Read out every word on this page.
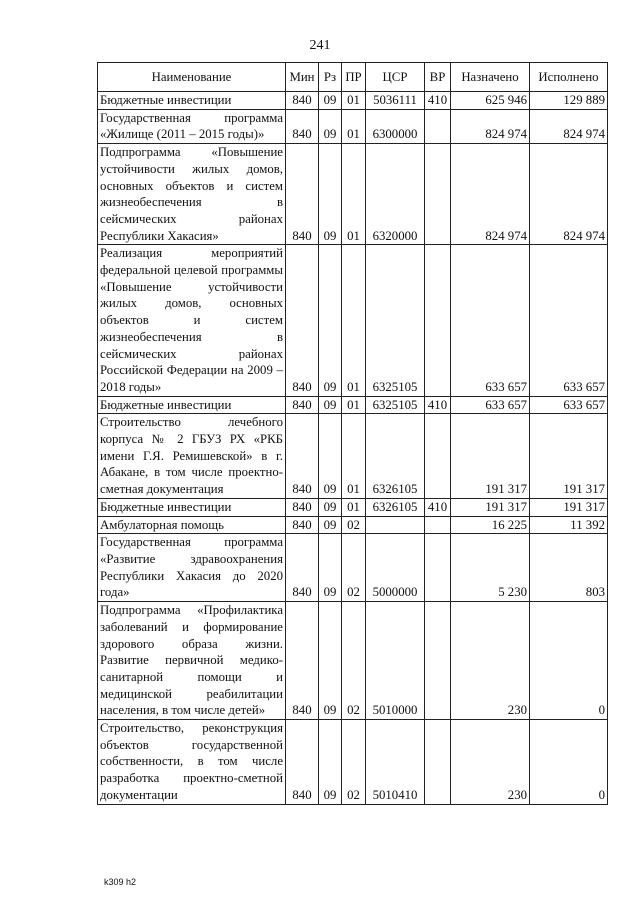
241
Наименование	Мин	Рз	ПР	ЦСР	ВР	Назначено	Исполнено
Бюджетные инвестиции	840	09	01	5036111	410	625 946	129 889
Государственная программа «Жилище (2011 – 2015 годы)»	840	09	01	6300000		824 974	824 974
Подпрограмма «Повышение устойчивости жилых домов, основных объектов и систем жизнеобеспечения в сейсмических районах Республики Хакасия»	840	09	01	6320000		824 974	824 974
Реализация мероприятий федеральной целевой программы «Повышение устойчивости жилых домов, основных объектов и систем жизнеобеспечения в сейсмических районах Российской Федерации на 2009 – 2018 годы»	840	09	01	6325105		633 657	633 657
Бюджетные инвестиции	840	09	01	6325105	410	633 657	633 657
Строительство лечебного корпуса № 2 ГБУЗ РХ «РКБ имени Г.Я. Ремишевской» в г. Абакане, в том числе проектно-сметная документация	840	09	01	6326105		191 317	191 317
Бюджетные инвестиции	840	09	01	6326105	410	191 317	191 317
Амбулаторная помощь	840	09	02			16 225	11 392
Государственная программа «Развитие здравоохранения Республики Хакасия до 2020 года»	840	09	02	5000000		5 230	803
Подпрограмма «Профилактика заболеваний и формирование здорового образа жизни. Развитие первичной медико-санитарной помощи и медицинской реабилитации населения, в том числе детей»	840	09	02	5010000		230	0
Строительство, реконструкция объектов государственной собственности, в том числе разработка проектно-сметной документации	840	09	02	5010410		230	0
k309 h2
